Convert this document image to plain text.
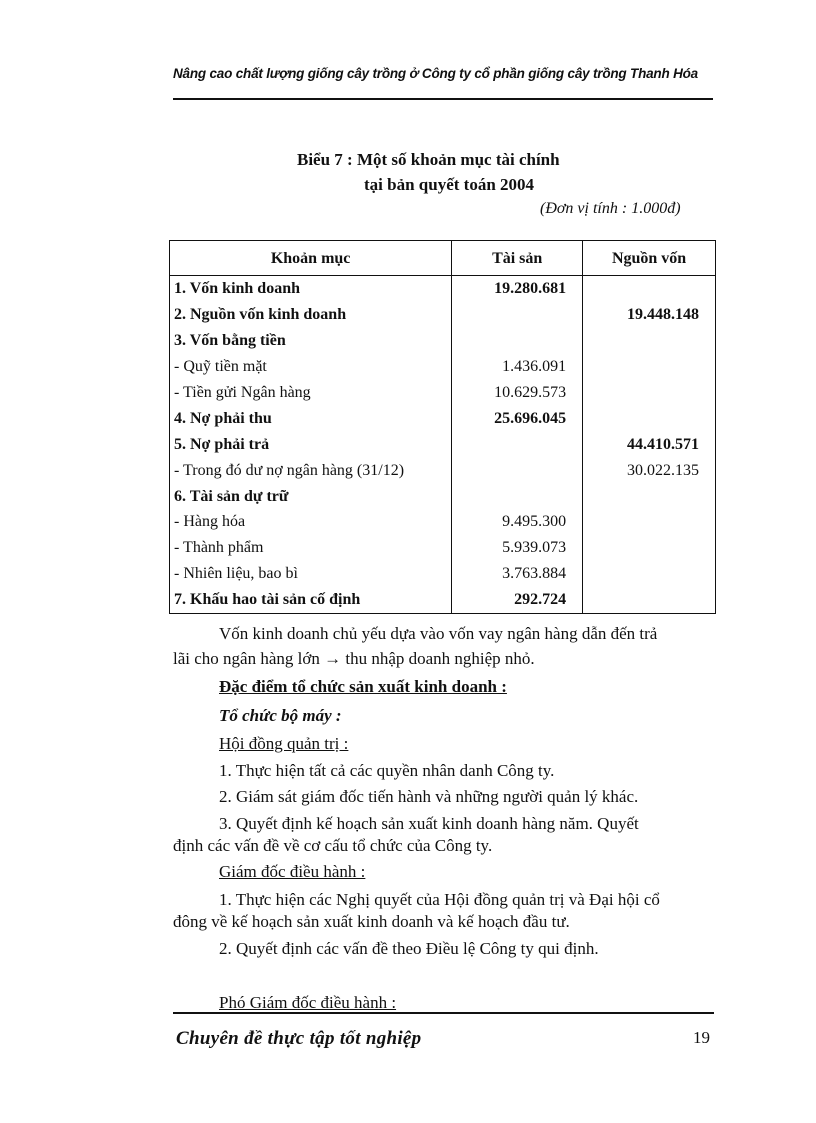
Nâng cao chất lượng giống cây trồng ở Công ty cổ phần giống cây trồng Thanh Hóa
Biểu 7 : Một số khoản mục tài chính
tại bản quyết toán 2004
(Đơn vị tính : 1.000đ)
Khoản mục	Tài sản	Nguồn vốn
1. Vốn kinh doanh	19.280.681	
2. Nguồn vốn kinh doanh		19.448.148
3. Vốn bằng tiền		
- Quỹ tiền mặt	1.436.091	
- Tiền gửi Ngân hàng	10.629.573	
4. Nợ phải thu	25.696.045	
5. Nợ phải trả		44.410.571
- Trong đó dư nợ ngân hàng (31/12)		30.022.135
6. Tài sản dự trữ		
- Hàng hóa	9.495.300	
- Thành phẩm	5.939.073	
- Nhiên liệu, bao bì	3.763.884	
7. Khấu hao tài sản cố định	292.724	
Vốn kinh doanh chủ yếu dựa vào vốn vay ngân hàng dẫn đến trả
lãi cho ngân hàng lớn → thu nhập doanh nghiệp nhỏ.
Đặc điểm tổ chức sản xuất kinh doanh :
Tổ chức bộ máy :
Hội đồng quản trị :
1. Thực hiện tất cả các quyền nhân danh Công ty.
2. Giám sát giám đốc tiến hành và những người quản lý khác.
3. Quyết định kế hoạch sản xuất kinh doanh hàng năm. Quyết
định các vấn đề về cơ cấu tổ chức của Công ty.
Giám đốc điều hành :
1. Thực hiện các Nghị quyết của Hội đồng quản trị và Đại hội cổ
đông về kế hoạch sản xuất kinh doanh và kế hoạch đầu tư.
2. Quyết định các vấn đề theo Điều lệ Công ty qui định.
Phó Giám đốc điều hành :
Chuyên đề thực tập tốt nghiệp	19
